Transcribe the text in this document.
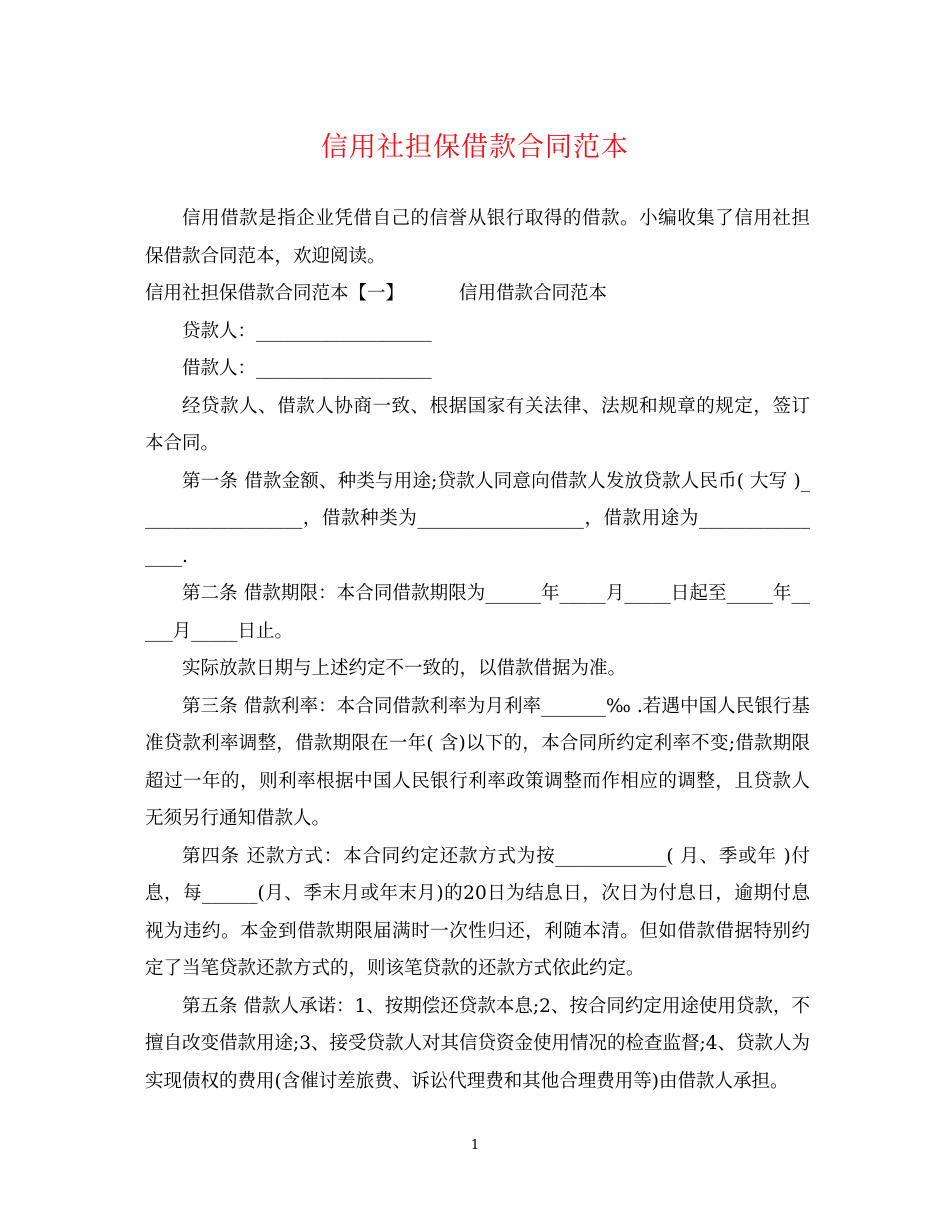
信用社担保借款合同范本

信用借款是指企业凭借自己的信誉从银行取得的借款。小编收集了信用社担保借款合同范本，欢迎阅读。

信用社担保借款合同范本【一】	信用借款合同范本

贷款人：___________________

借款人：___________________

经贷款人、借款人协商一致、根据国家有关法律、法规和规章的规定，签订本合同。

第一条 借款金额、种类与用途;贷款人同意向借款人发放贷款人民币( 大写 )__________________，借款种类为__________________，借款用途为________________.

第二条 借款期限：本合同借款期限为______年_____月_____日起至_____年_____月_____日止。

实际放款日期与上述约定不一致的，以借款借据为准。

第三条 借款利率：本合同借款利率为月利率_______‰ .若遇中国人民银行基准贷款利率调整，借款期限在一年( 含)以下的，本合同所约定利率不变;借款期限超过一年的，则利率根据中国人民银行利率政策调整而作相应的调整，且贷款人无须另行通知借款人。

第四条 还款方式：本合同约定还款方式为按____________( 月、季或年 )付息，每______(月、季末月或年末月)的20日为结息日，次日为付息日，逾期付息视为违约。本金到借款期限届满时一次性归还，利随本清。但如借款借据特别约定了当笔贷款还款方式的，则该笔贷款的还款方式依此约定。

第五条 借款人承诺：1、按期偿还贷款本息;2、按合同约定用途使用贷款，不擅自改变借款用途;3、接受贷款人对其信贷资金使用情况的检查监督;4、贷款人为实现债权的费用(含催讨差旅费、诉讼代理费和其他合理费用等)由借款人承担。

1
